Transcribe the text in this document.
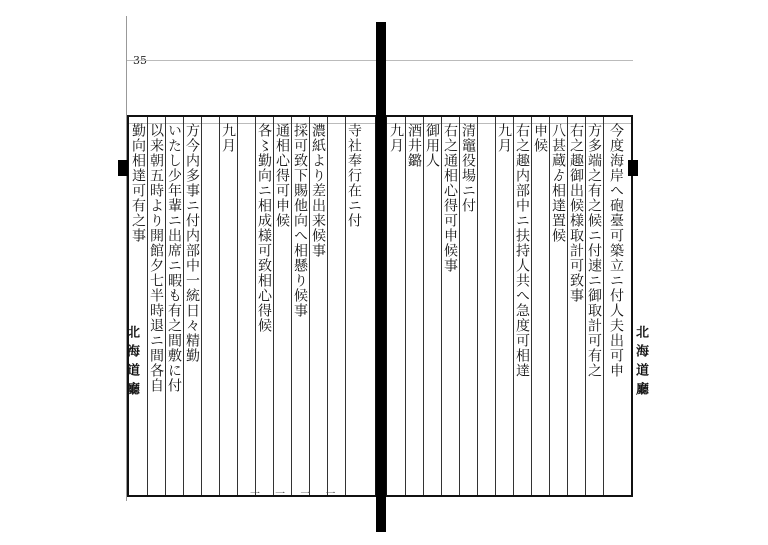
35
勤向相達可有之事 以来朝五時より開館夕七半時退ニ間各自 いたし少年輩ニ出席ニ暇も有之間敷に付 方今内多事ニ付内部中一統日々精勤 九月 各〻勤向ニ相成様可致相心得候 通相心得可申候 採可致下賜他向へ相懸り候事 濃紙より差出来候事 寺社奉行在ニ付	今度海岸へ砲臺可築立ニ付人夫出可申
方多端之有之候ニ付速ニ御取計可有之
右之趣御出候様取計可致事
八甚蔵ゟ相達置候
申候
右之趣内部中ニ扶持人共へ急度可相達
九月
清竈役場ニ付
右之通相心得可申候事
御用人
酒井鏴
九月
北海道廳	北海道廳
一 一 一 一
